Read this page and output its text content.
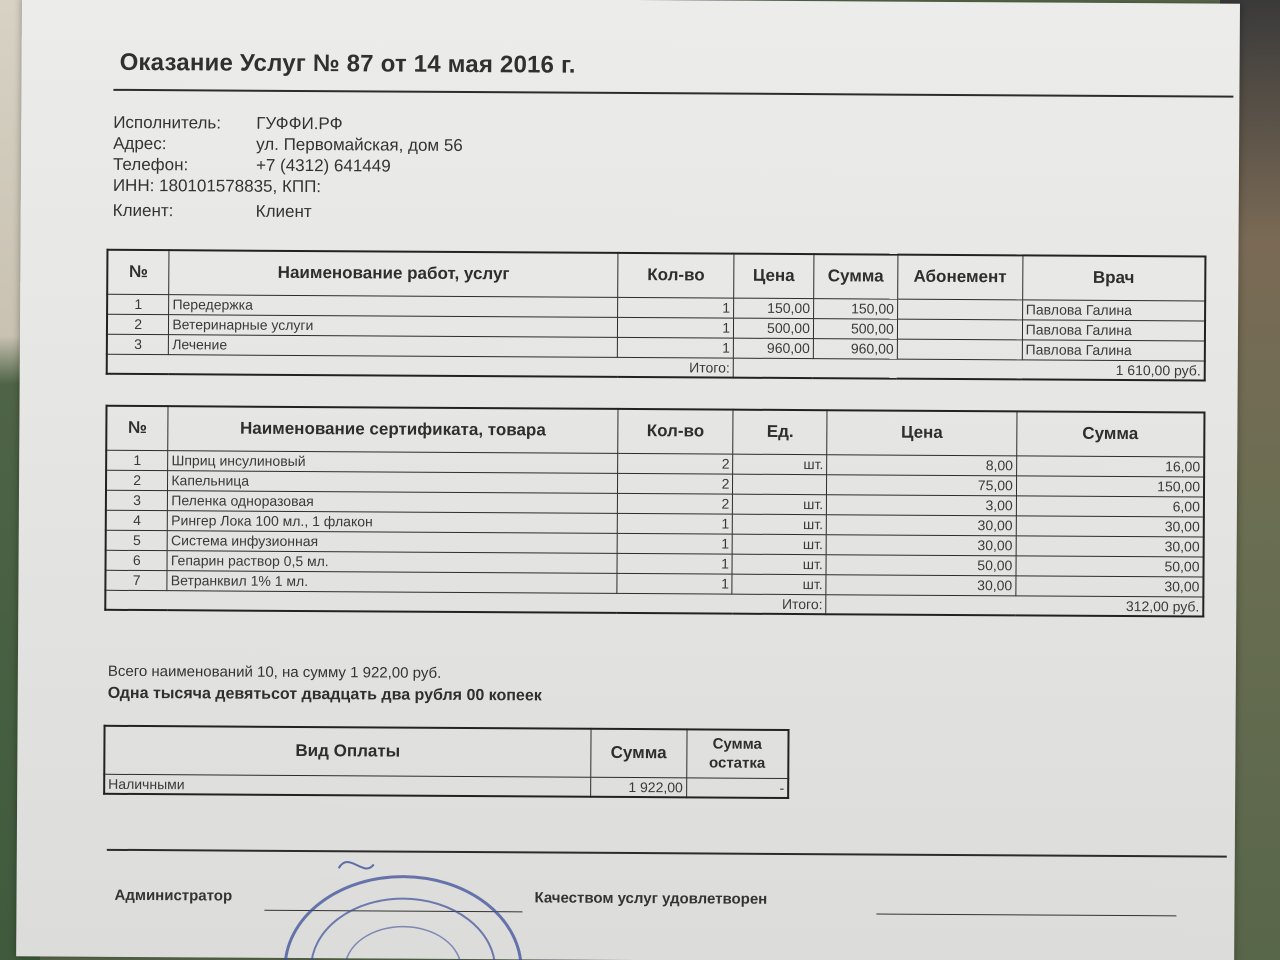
Оказание Услуг № 87 от 14 мая 2016 г.
Исполнитель: ГУФФИ.РФ
Адрес:	ул. Первомайская, дом 56
Телефон:	+7 (4312) 641449
ИНН: 180101578835, КПП:
Клиент:	Клиент
№	Наименование работ, услуг	Кол-во	Цена	Сумма	Абонемент	Врач
1	Передержка	1	150,00	150,00		Павлова Галина
2	Ветеринарные услуги	1	500,00	500,00		Павлова Галина
3	Лечение	1	960,00	960,00		Павлова Галина
Итого:			1 610,00 руб.			
№	Наименование сертификата, товара	Кол-во	Ед.	Цена	Сумма
1	Шприц инсулиновый	2	шт.	8,00	16,00
2	Капельница	2		75,00	150,00
3	Пеленка одноразовая	2	шт.	3,00	6,00
4	Рингер Лока 100 мл., 1 флакон	1	шт.	30,00	30,00
5	Система инфузионная	1	шт.	30,00	30,00
6	Гепарин раствор 0,5 мл.	1	шт.	50,00	50,00
7	Ветранквил 1% 1 мл.	1	шт.	30,00	30,00
Итого:				312,00 руб.	
Всего наименований 10, на сумму 1 922,00 руб.
Одна тысяча девятьсот двадцать два рубля 00 копеек
Вид Оплаты	Сумма	Сумма остатка
Наличными	1 922,00	-
Администратор	Качеством услуг удовлетворен
